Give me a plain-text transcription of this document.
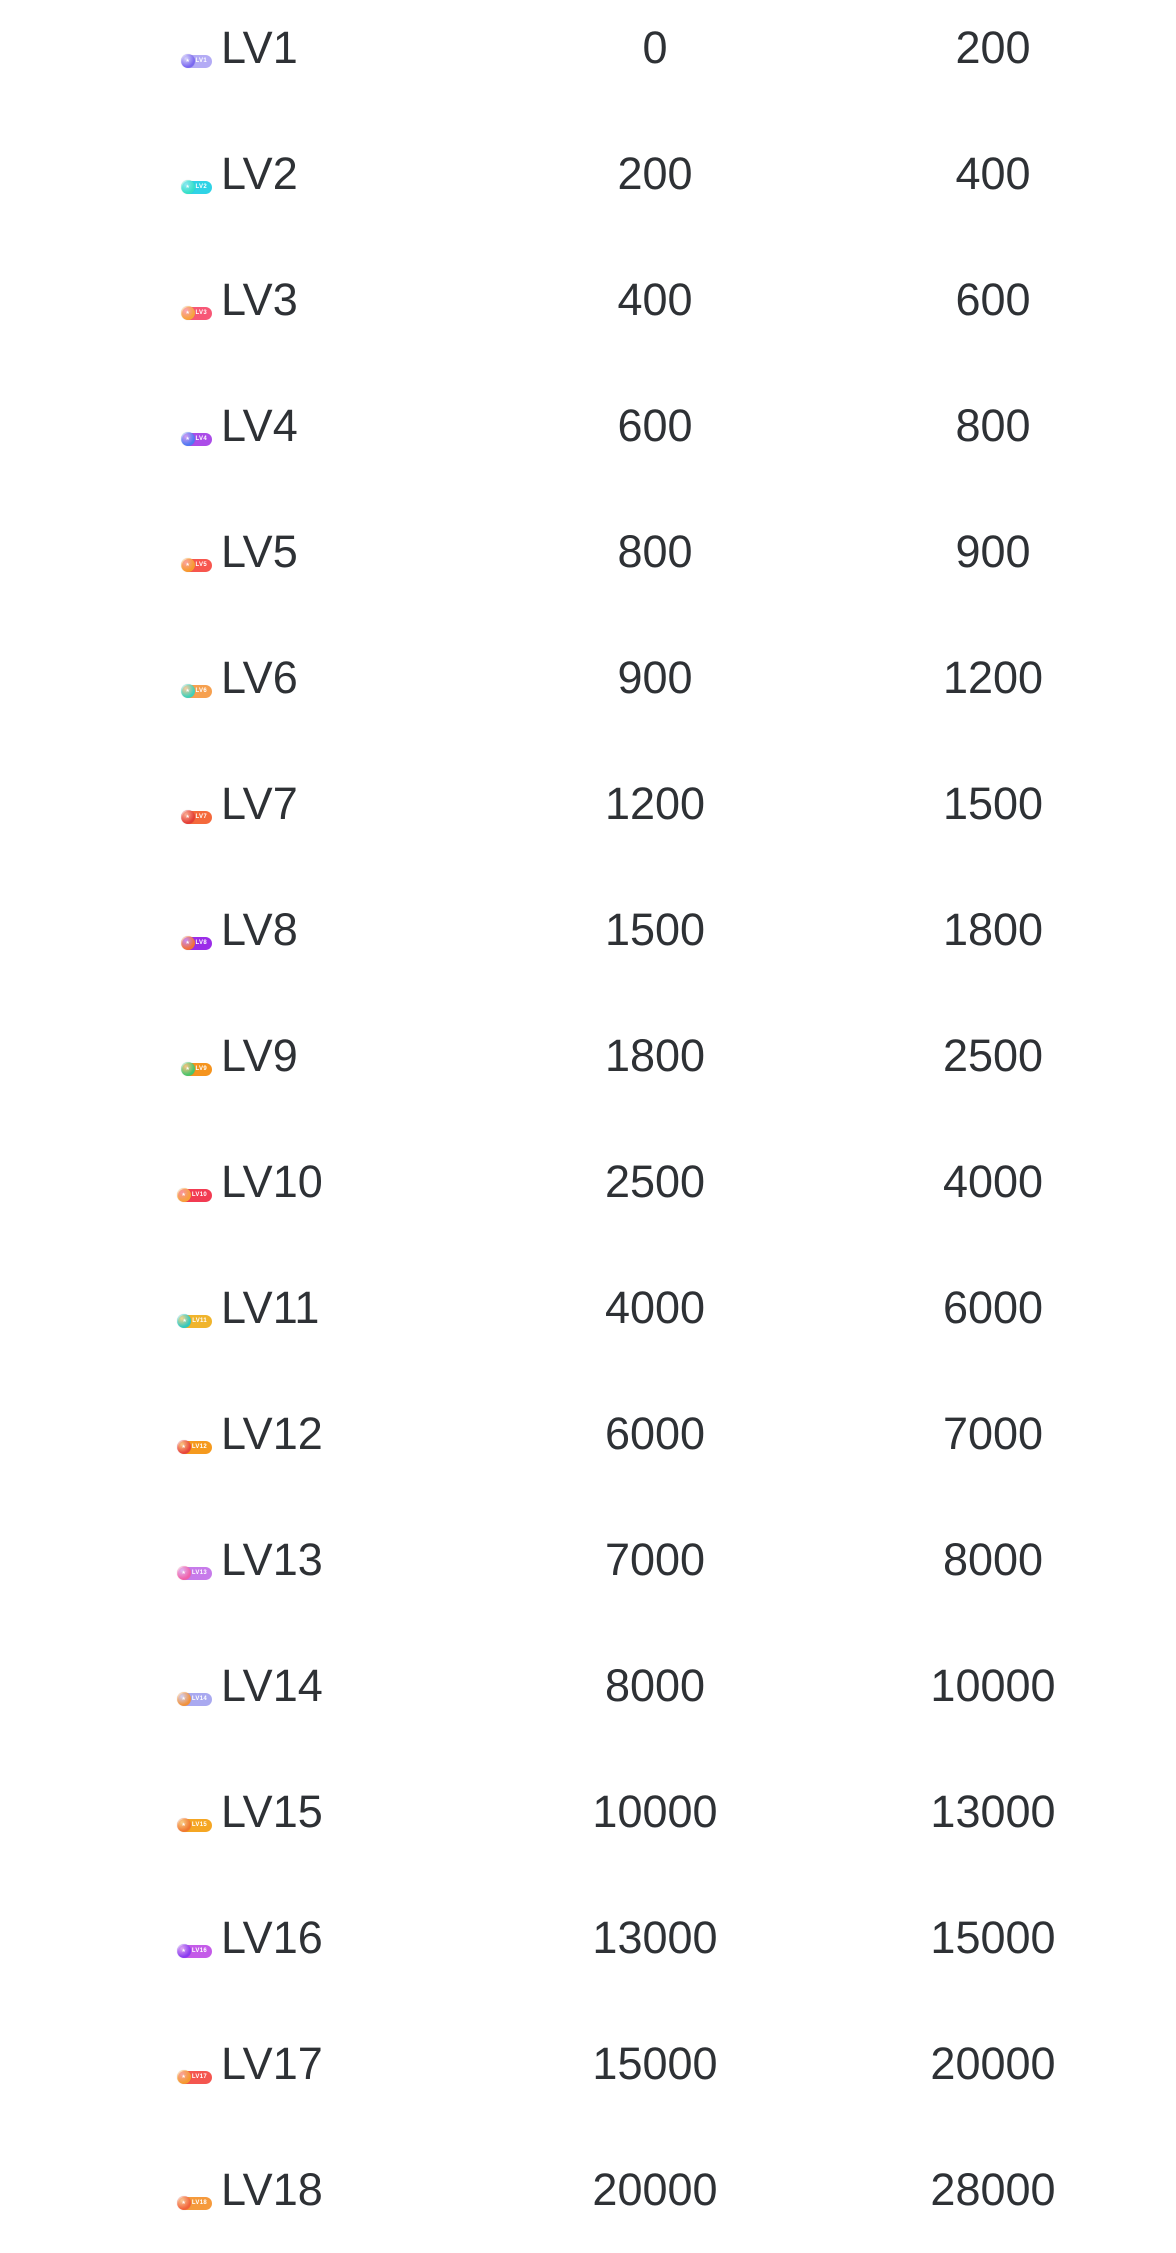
★ LV1 LV1	0	200
★ LV2 LV2	200	400
★ LV3 LV3	400	600
★ LV4 LV4	600	800
★ LV5 LV5	800	900
★ LV6 LV6	900	1200
★ LV7 LV7	1200	1500
★ LV8 LV8	1500	1800
★ LV9 LV9	1800	2500
★ LV10 LV10	2500	4000
★ LV11 LV11	4000	6000
★ LV12 LV12	6000	7000
★ LV13 LV13	7000	8000
★ LV14 LV14	8000	10000
★ LV15 LV15	10000	13000
★ LV16 LV16	13000	15000
★ LV17 LV17	15000	20000
★ LV18 LV18	20000	28000
